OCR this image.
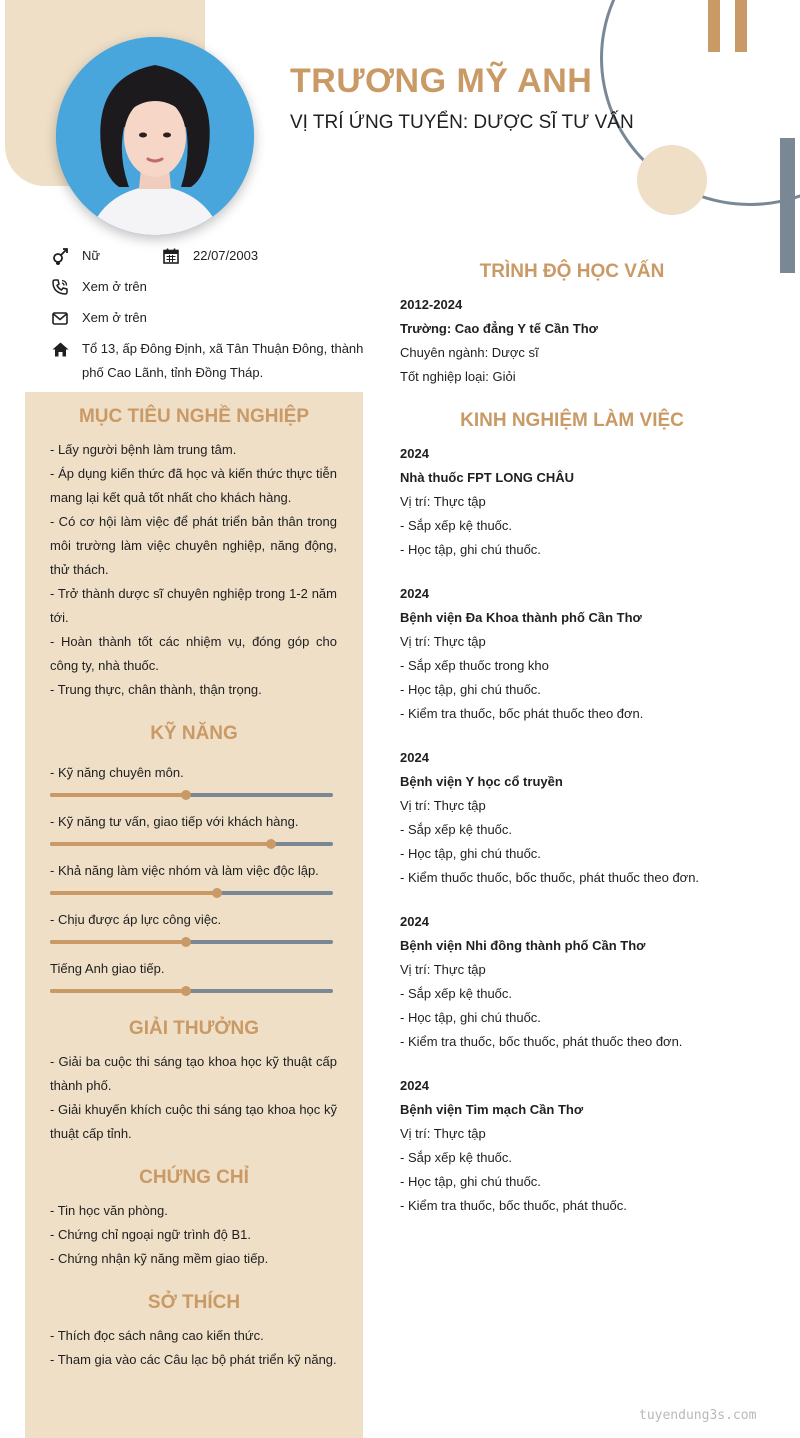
TRƯƠNG MỸ ANH
VỊ TRÍ ỨNG TUYỂN: DƯỢC SĨ TƯ VẤN
Nữ	22/07/2003
Xem ở trên
Xem ở trên
Tổ 13, ấp Đông Định, xã Tân Thuận Đông, thành
phố Cao Lãnh, tỉnh Đồng Tháp.
MỤC TIÊU NGHỀ NGHIỆP

- Lấy người bệnh làm trung tâm.

- Áp dụng kiến thức đã học và kiến thức thực tiễn mang lại kết quả tốt nhất cho khách hàng.

- Có cơ hội làm việc để phát triển bản thân trong môi trường làm việc chuyên nghiệp, năng động, thử thách.

- Trở thành dược sĩ chuyên nghiệp trong 1-2 năm tới.

- Hoàn thành tốt các nhiệm vụ, đóng góp cho công ty, nhà thuốc.

- Trung thực, chân thành, thận trọng.

KỸ NĂNG
- Kỹ năng chuyên môn.
- Kỹ năng tư vấn, giao tiếp với khách hàng.
- Khả năng làm việc nhóm và làm việc độc lập.
- Chịu được áp lực công việc.
Tiếng Anh giao tiếp.
GIẢI THƯỞNG

- Giải ba cuộc thi sáng tạo khoa học kỹ thuật cấp thành phố.

- Giải khuyến khích cuộc thi sáng tạo khoa học kỹ thuật cấp tỉnh.

CHỨNG CHỈ

- Tin học văn phòng.

- Chứng chỉ ngoại ngữ trình độ B1.

- Chứng nhận kỹ năng mềm giao tiếp.

SỞ THÍCH

- Thích đọc sách nâng cao kiến thức.

- Tham gia vào các Câu lạc bộ phát triển kỹ năng.

TRÌNH ĐỘ HỌC VẤN
2012-2024
Trường: Cao đẳng Y tế Cần Thơ
Chuyên ngành: Dược sĩ
Tốt nghiệp loại: Giỏi
KINH NGHIỆM LÀM VIỆC
2024
Nhà thuốc FPT LONG CHÂU
Vị trí: Thực tập
- Sắp xếp kệ thuốc.
- Học tập, ghi chú thuốc.
2024
Bệnh viện Đa Khoa thành phố Cần Thơ
Vị trí: Thực tập
- Sắp xếp thuốc trong kho
- Học tập, ghi chú thuốc.
- Kiểm tra thuốc, bốc phát thuốc theo đơn.
2024
Bệnh viện Y học cổ truyền
Vị trí: Thực tập
- Sắp xếp kệ thuốc.
- Học tập, ghi chú thuốc.
- Kiểm thuốc thuốc, bốc thuốc, phát thuốc theo đơn.
2024
Bệnh viện Nhi đồng thành phố Cần Thơ
Vị trí: Thực tập
- Sắp xếp kệ thuốc.
- Học tập, ghi chú thuốc.
- Kiểm tra thuốc, bốc thuốc, phát thuốc theo đơn.
2024
Bệnh viện Tim mạch Cần Thơ
Vị trí: Thực tập
- Sắp xếp kệ thuốc.
- Học tập, ghi chú thuốc.
- Kiểm tra thuốc, bốc thuốc, phát thuốc.
tuyendung3s.com
